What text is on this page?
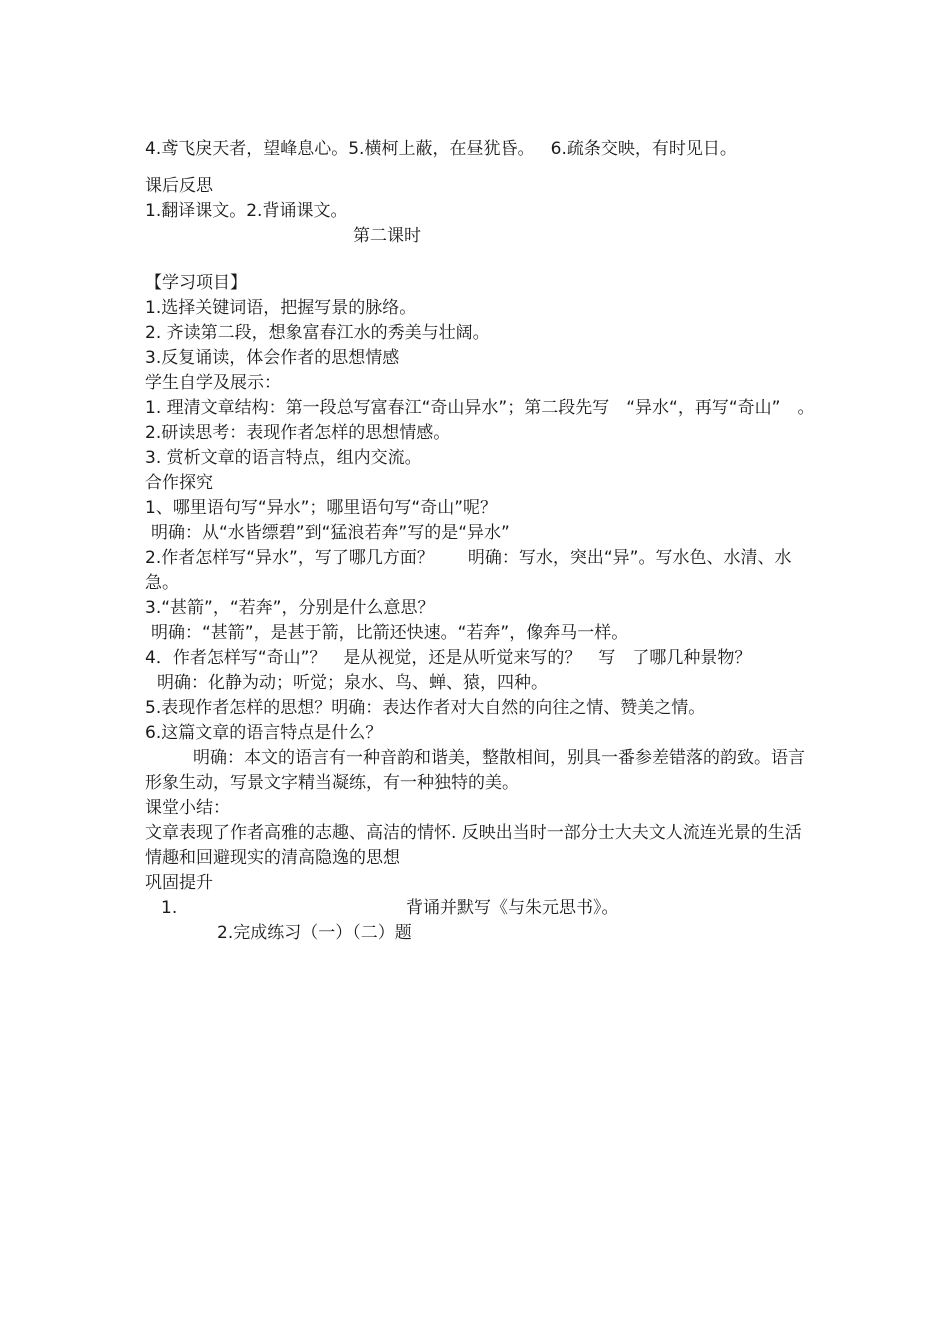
4.鸢飞戾天者，望峰息心。5.横柯上蔽，在昼犹昏。   6.疏条交映，有时见日。

课后反思

1.翻译课文。2.背诵课文。

第二课时

【学习项目】

1.选择关键词语，把握写景的脉络。

2. 齐读第二段，想象富春江水的秀美与壮阔。

3.反复诵读，体会作者的思想情感

学生自学及展示：

1. 理清文章结构：第一段总写富春江“奇山异水”；第二段先写　“异水“，再写“奇山”　。

2.研读思考：表现作者怎样的思想情感。

3. 赏析文章的语言特点，组内交流。

合作探究

1、哪里语句写“异水”；哪里语句写“奇山”呢？

明确：从“水皆缥碧”到“猛浪若奔”写的是“异水”

2.作者怎样写“异水”，写了哪几方面？　　明确：写水，突出“异”。写水色、水清、水急。

3.“甚箭”，“若奔”，分别是什么意思？

明确：“甚箭”，是甚于箭，比箭还快速。“若奔”，像奔马一样。

4．作者怎样写“奇山”？　是从视觉，还是从听觉来写的？　写　了哪几种景物？

明确：化静为动；听觉；泉水、鸟、蝉、猿，四种。

5.表现作者怎样的思想？明确：表达作者对大自然的向往之情、赞美之情。

6.这篇文章的语言特点是什么？

明确：本文的语言有一种音韵和谐美，整散相间，别具一番参差错落的韵致。语言形象生动，写景文字精当凝练，有一种独特的美。

课堂小结：

文章表现了作者高雅的志趣、高洁的情怀. 反映出当时一部分士大夫文人流连光景的生活情趣和回避现实的清高隐逸的思想

巩固提升

1.	背诵并默写《与朱元思书》。

2.完成练习（一）（二）题
